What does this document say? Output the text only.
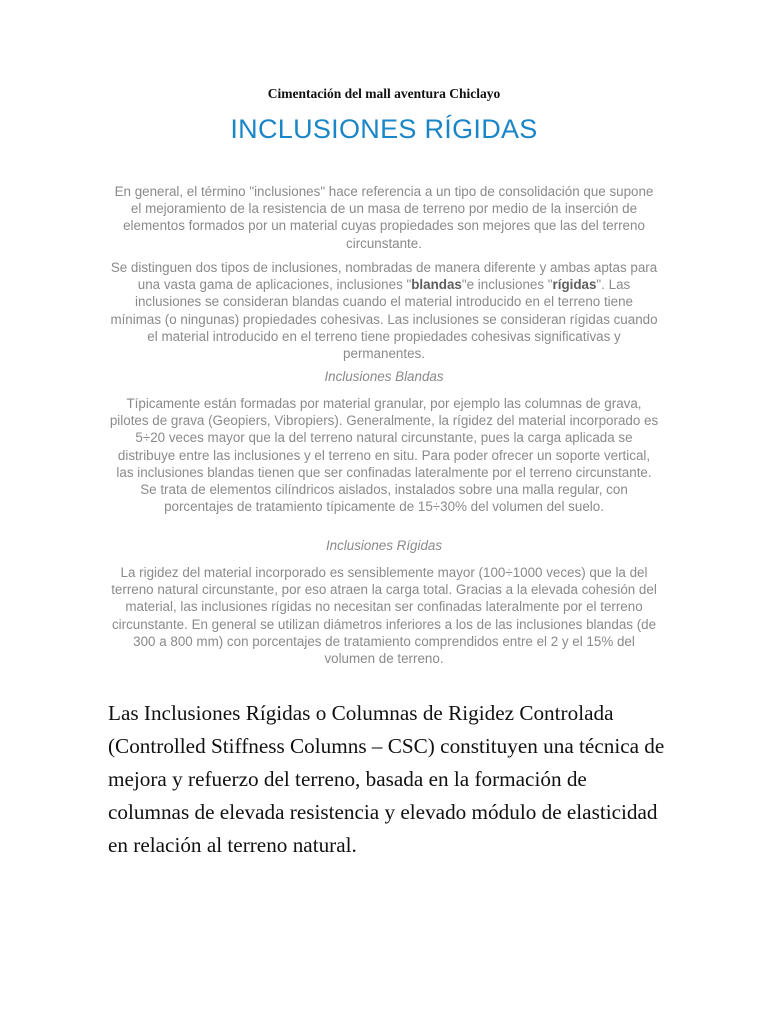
Cimentación del mall aventura Chiclayo
INCLUSIONES RÍGIDAS
En general, el término "inclusiones" hace referencia a un tipo de consolidación que supone el mejoramiento de la resistencia de un masa de terreno por medio de la inserción de elementos formados por un material cuyas propiedades son mejores que las del terreno circunstante.
Se distinguen dos tipos de inclusiones, nombradas de manera diferente y ambas aptas para una vasta gama de aplicaciones, inclusiones "blandas"e inclusiones "rígidas". Las inclusiones se consideran blandas cuando el material introducido en el terreno tiene mínimas (o ningunas) propiedades cohesivas. Las inclusiones se consideran rígidas cuando el material introducido en el terreno tiene propiedades cohesivas significativas y permanentes.
Inclusiones Blandas
Típicamente están formadas por material granular, por ejemplo las columnas de grava, pilotes de grava (Geopiers, Vibropiers). Generalmente, la rígidez del material incorporado es 5÷20 veces mayor que la del terreno natural circunstante, pues la carga aplicada se distribuye entre las inclusiones y el terreno en situ. Para poder ofrecer un soporte vertical, las inclusiones blandas tienen que ser confinadas lateralmente por el terreno circunstante. Se trata de elementos cilíndricos aislados, instalados sobre una malla regular, con porcentajes de tratamiento típicamente de 15÷30% del volumen del suelo.
Inclusiones Rígidas
La rigidez del material incorporado es sensiblemente mayor (100÷1000 veces) que la del terreno natural circunstante, por eso atraen la carga total. Gracias a la elevada cohesión del material, las inclusiones rígidas no necesitan ser confinadas lateralmente por el terreno circunstante. En general se utilizan diámetros inferiores a los de las inclusiones blandas (de 300 a 800 mm) con porcentajes de tratamiento comprendidos entre el 2 y el 15% del volumen de terreno.
Las Inclusiones Rígidas o Columnas de Rigidez Controlada (Controlled Stiffness Columns – CSC) constituyen una técnica de mejora y refuerzo del terreno, basada en la formación de columnas de elevada resistencia y elevado módulo de elasticidad en relación al terreno natural.
